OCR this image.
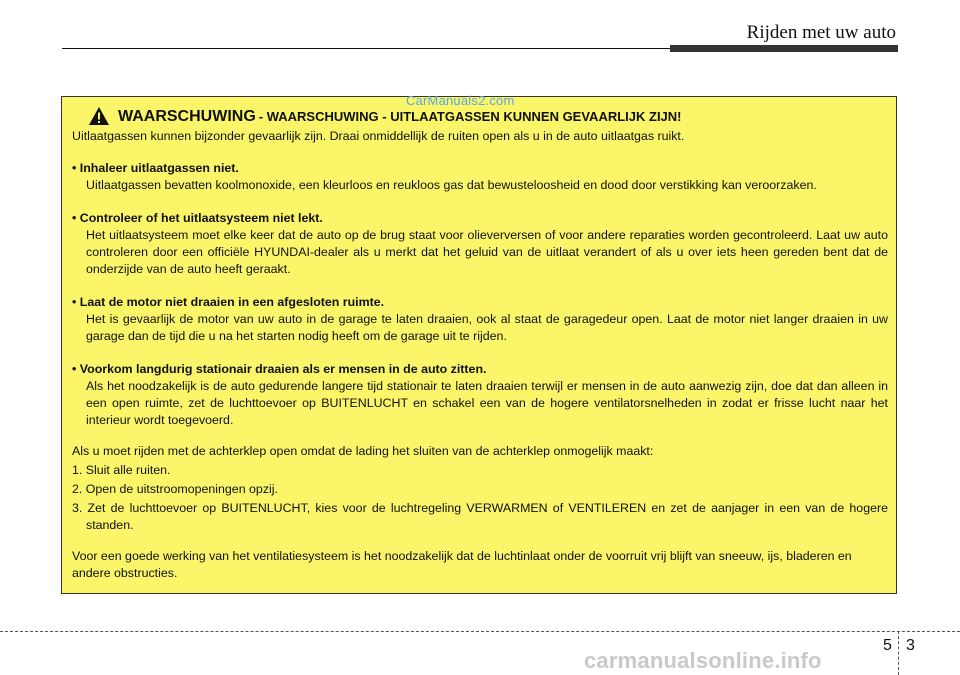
Rijden met uw auto
CarManuals2.com
WAARSCHUWING - WAARSCHUWING - UITLAATGASSEN KUNNEN GEVAARLIJK ZIJN!

Uitlaatgassen kunnen bijzonder gevaarlijk zijn. Draai onmiddellijk de ruiten open als u in de auto uitlaatgas ruikt.

• Inhaleer uitlaatgassen niet.

Uitlaatgassen bevatten koolmonoxide, een kleurloos en reukloos gas dat bewusteloosheid en dood door verstikking kan veroorzaken.

• Controleer of het uitlaatsysteem niet lekt.

Het uitlaatsysteem moet elke keer dat de auto op de brug staat voor olieverversen of voor andere reparaties worden gecontroleerd. Laat uw auto controleren door een officiële HYUNDAI-dealer als u merkt dat het geluid van de uitlaat verandert of als u over iets heen gereden bent dat de onderzijde van de auto heeft geraakt.

• Laat de motor niet draaien in een afgesloten ruimte.

Het is gevaarlijk de motor van uw auto in de garage te laten draaien, ook al staat de garagedeur open. Laat de motor niet langer draaien in uw garage dan de tijd die u na het starten nodig heeft om de garage uit te rijden.

• Voorkom langdurig stationair draaien als er mensen in de auto zitten.

Als het noodzakelijk is de auto gedurende langere tijd stationair te laten draaien terwijl er mensen in de auto aanwezig zijn, doe dat dan alleen in een open ruimte, zet de luchttoevoer op BUITENLUCHT en schakel een van de hogere ventilatorsnelheden in zodat er frisse lucht naar het interieur wordt toegevoerd.

Als u moet rijden met de achterklep open omdat de lading het sluiten van de achterklep onmogelijk maakt:

1. Sluit alle ruiten.

2. Open de uitstroomopeningen opzij.

3. Zet de luchttoevoer op BUITENLUCHT, kies voor de luchtregeling VERWARMEN of VENTILEREN en zet de aanjager in een van de hogere standen.

Voor een goede werking van het ventilatiesysteem is het noodzakelijk dat de luchtinlaat onder de voorruit vrij blijft van sneeuw, ijs, bladeren en andere obstructies.

5 3
carmanualsonline.info
